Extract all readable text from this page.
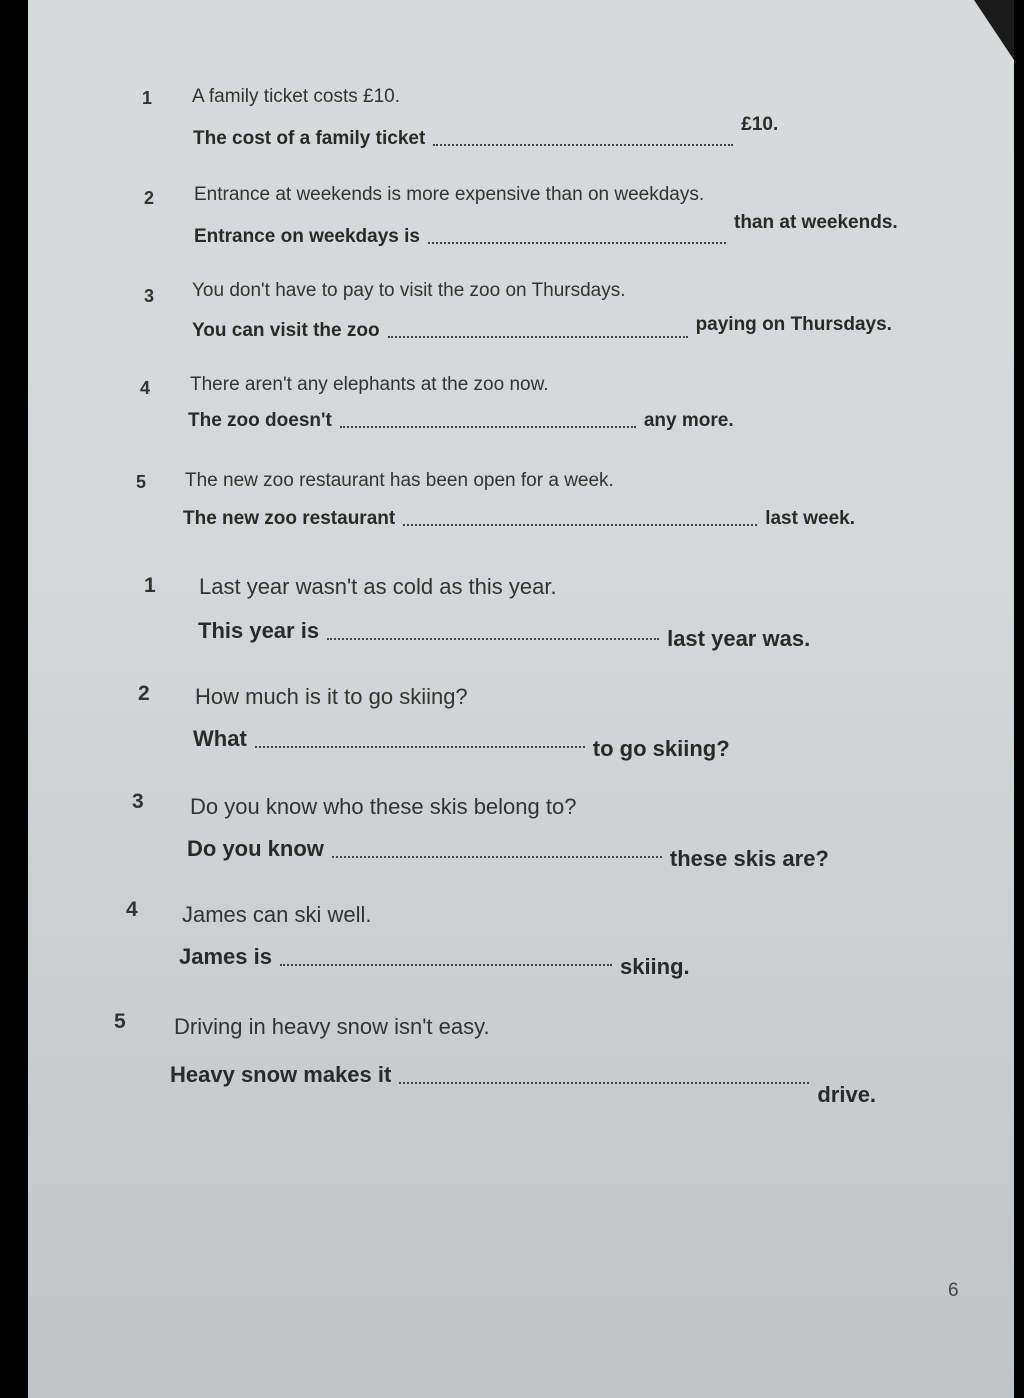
1 A family ticket costs £10.
The cost of a family ticket
£10.
2 Entrance at weekends is more expensive than on weekdays.
Entrance on weekdays is
than at weekends.
3 You don't have to pay to visit the zoo on Thursdays.
You can visit the zoo	paying on Thursdays.
4 There aren't any elephants at the zoo now.
The zoo doesn't	any more.
5 The new zoo restaurant has been open for a week.
The new zoo restaurant	last week.
1 Last year wasn't as cold as this year.
This year is	last year was.
2 How much is it to go skiing?
What	to go skiing?
3 Do you know who these skis belong to?
Do you know	these skis are?
4 James can ski well.
James is	skiing.
5 Driving in heavy snow isn't easy.
Heavy snow makes it
drive.
6
